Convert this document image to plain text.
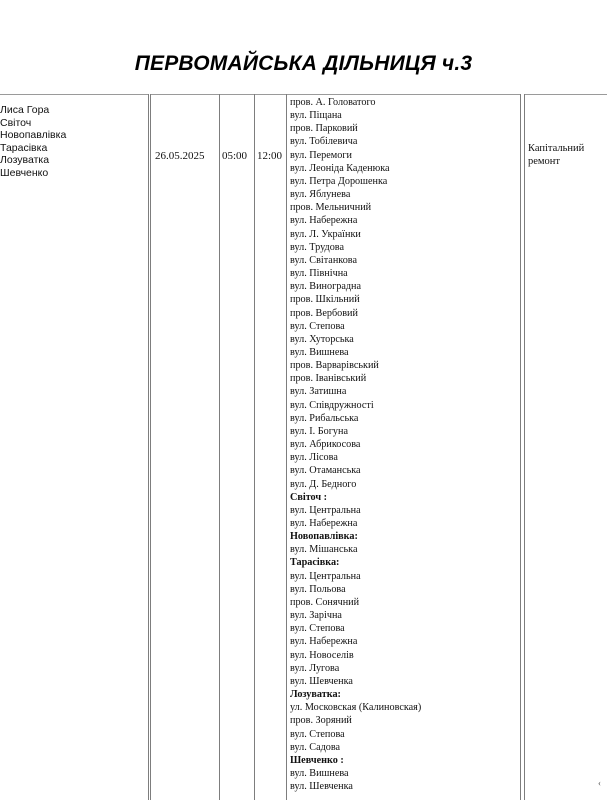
ПЕРВОМАЙСЬКА ДІЛЬНИЦЯ ч.3
Лиса Гора
Світоч
Новопавлівка
Тарасівка
Лозуватка
Шевченко
26.05.2025 05:00 12:00
пров. А. Головатого
вул. Піщана
пров. Парковий
вул. Тобілевича
вул. Перемоги
вул. Леоніда Каденюка
вул. Петра Дорошенка
вул. Яблунева
пров. Мельничний
вул. Набережна
вул. Л. Українки
вул. Трудова
вул. Світанкова
вул. Північна
вул. Виноградна
пров. Шкільний
пров. Вербовий
вул. Степова
вул. Хуторська
вул. Вишнева
пров. Варварівський
пров. Іванівський
вул. Затишна
вул. Співдружності
вул. Рибальська
вул. І. Богуна
вул. Абрикосова
вул. Лісова
вул. Отаманська
вул. Д. Бедного
Світоч :
вул. Центральна
вул. Набережна
Новопавлівка:
вул. Мішанська
Тарасівка:
вул. Центральна
вул. Польова
пров. Сонячний
вул. Зарічна
вул. Степова
вул. Набережна
вул. Новоселів
вул. Лугова
вул. Шевченка
Лозуватка:
ул. Московская (Калиновская)
пров. Зоряний
вул. Степова
вул. Садова
Шевченко :
вул. Вишнева
вул. Шевченка
Капітальний
ремонт
‹
